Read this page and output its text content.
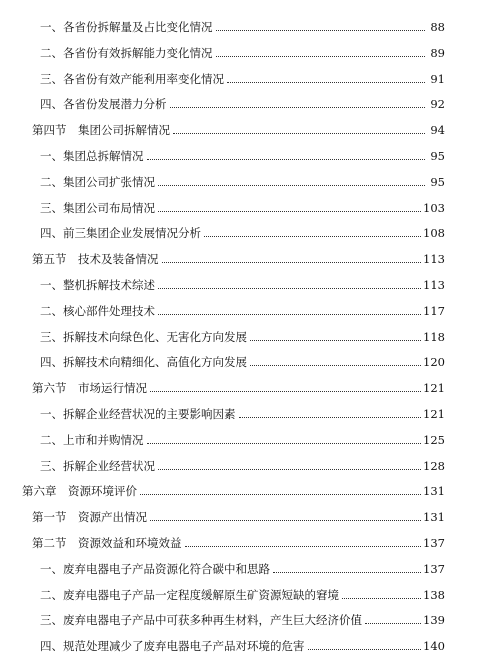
一、各省份拆解量及占比变化情况	88
二、各省份有效拆解能力变化情况	89
三、各省份有效产能利用率变化情况	91
四、各省份发展潜力分析	92
第四节　集团公司拆解情况	94
一、集团总拆解情况	95
二、集团公司扩张情况	95
三、集团公司布局情况	103
四、前三集团企业发展情况分析	108
第五节　技术及装备情况	113
一、整机拆解技术综述	113
二、核心部件处理技术	117
三、拆解技术向绿色化、无害化方向发展	118
四、拆解技术向精细化、高值化方向发展	120
第六节　市场运行情况	121
一、拆解企业经营状况的主要影响因素	121
二、上市和并购情况	125
三、拆解企业经营状况	128
第六章　资源环境评价	131
第一节　资源产出情况	131
第二节　资源效益和环境效益	137
一、废弃电器电子产品资源化符合碳中和思路	137
二、废弃电器电子产品一定程度缓解原生矿资源短缺的窘境	138
三、废弃电器电子产品中可获多种再生材料，产生巨大经济价值	139
四、规范处理减少了废弃电器电子产品对环境的危害	140
